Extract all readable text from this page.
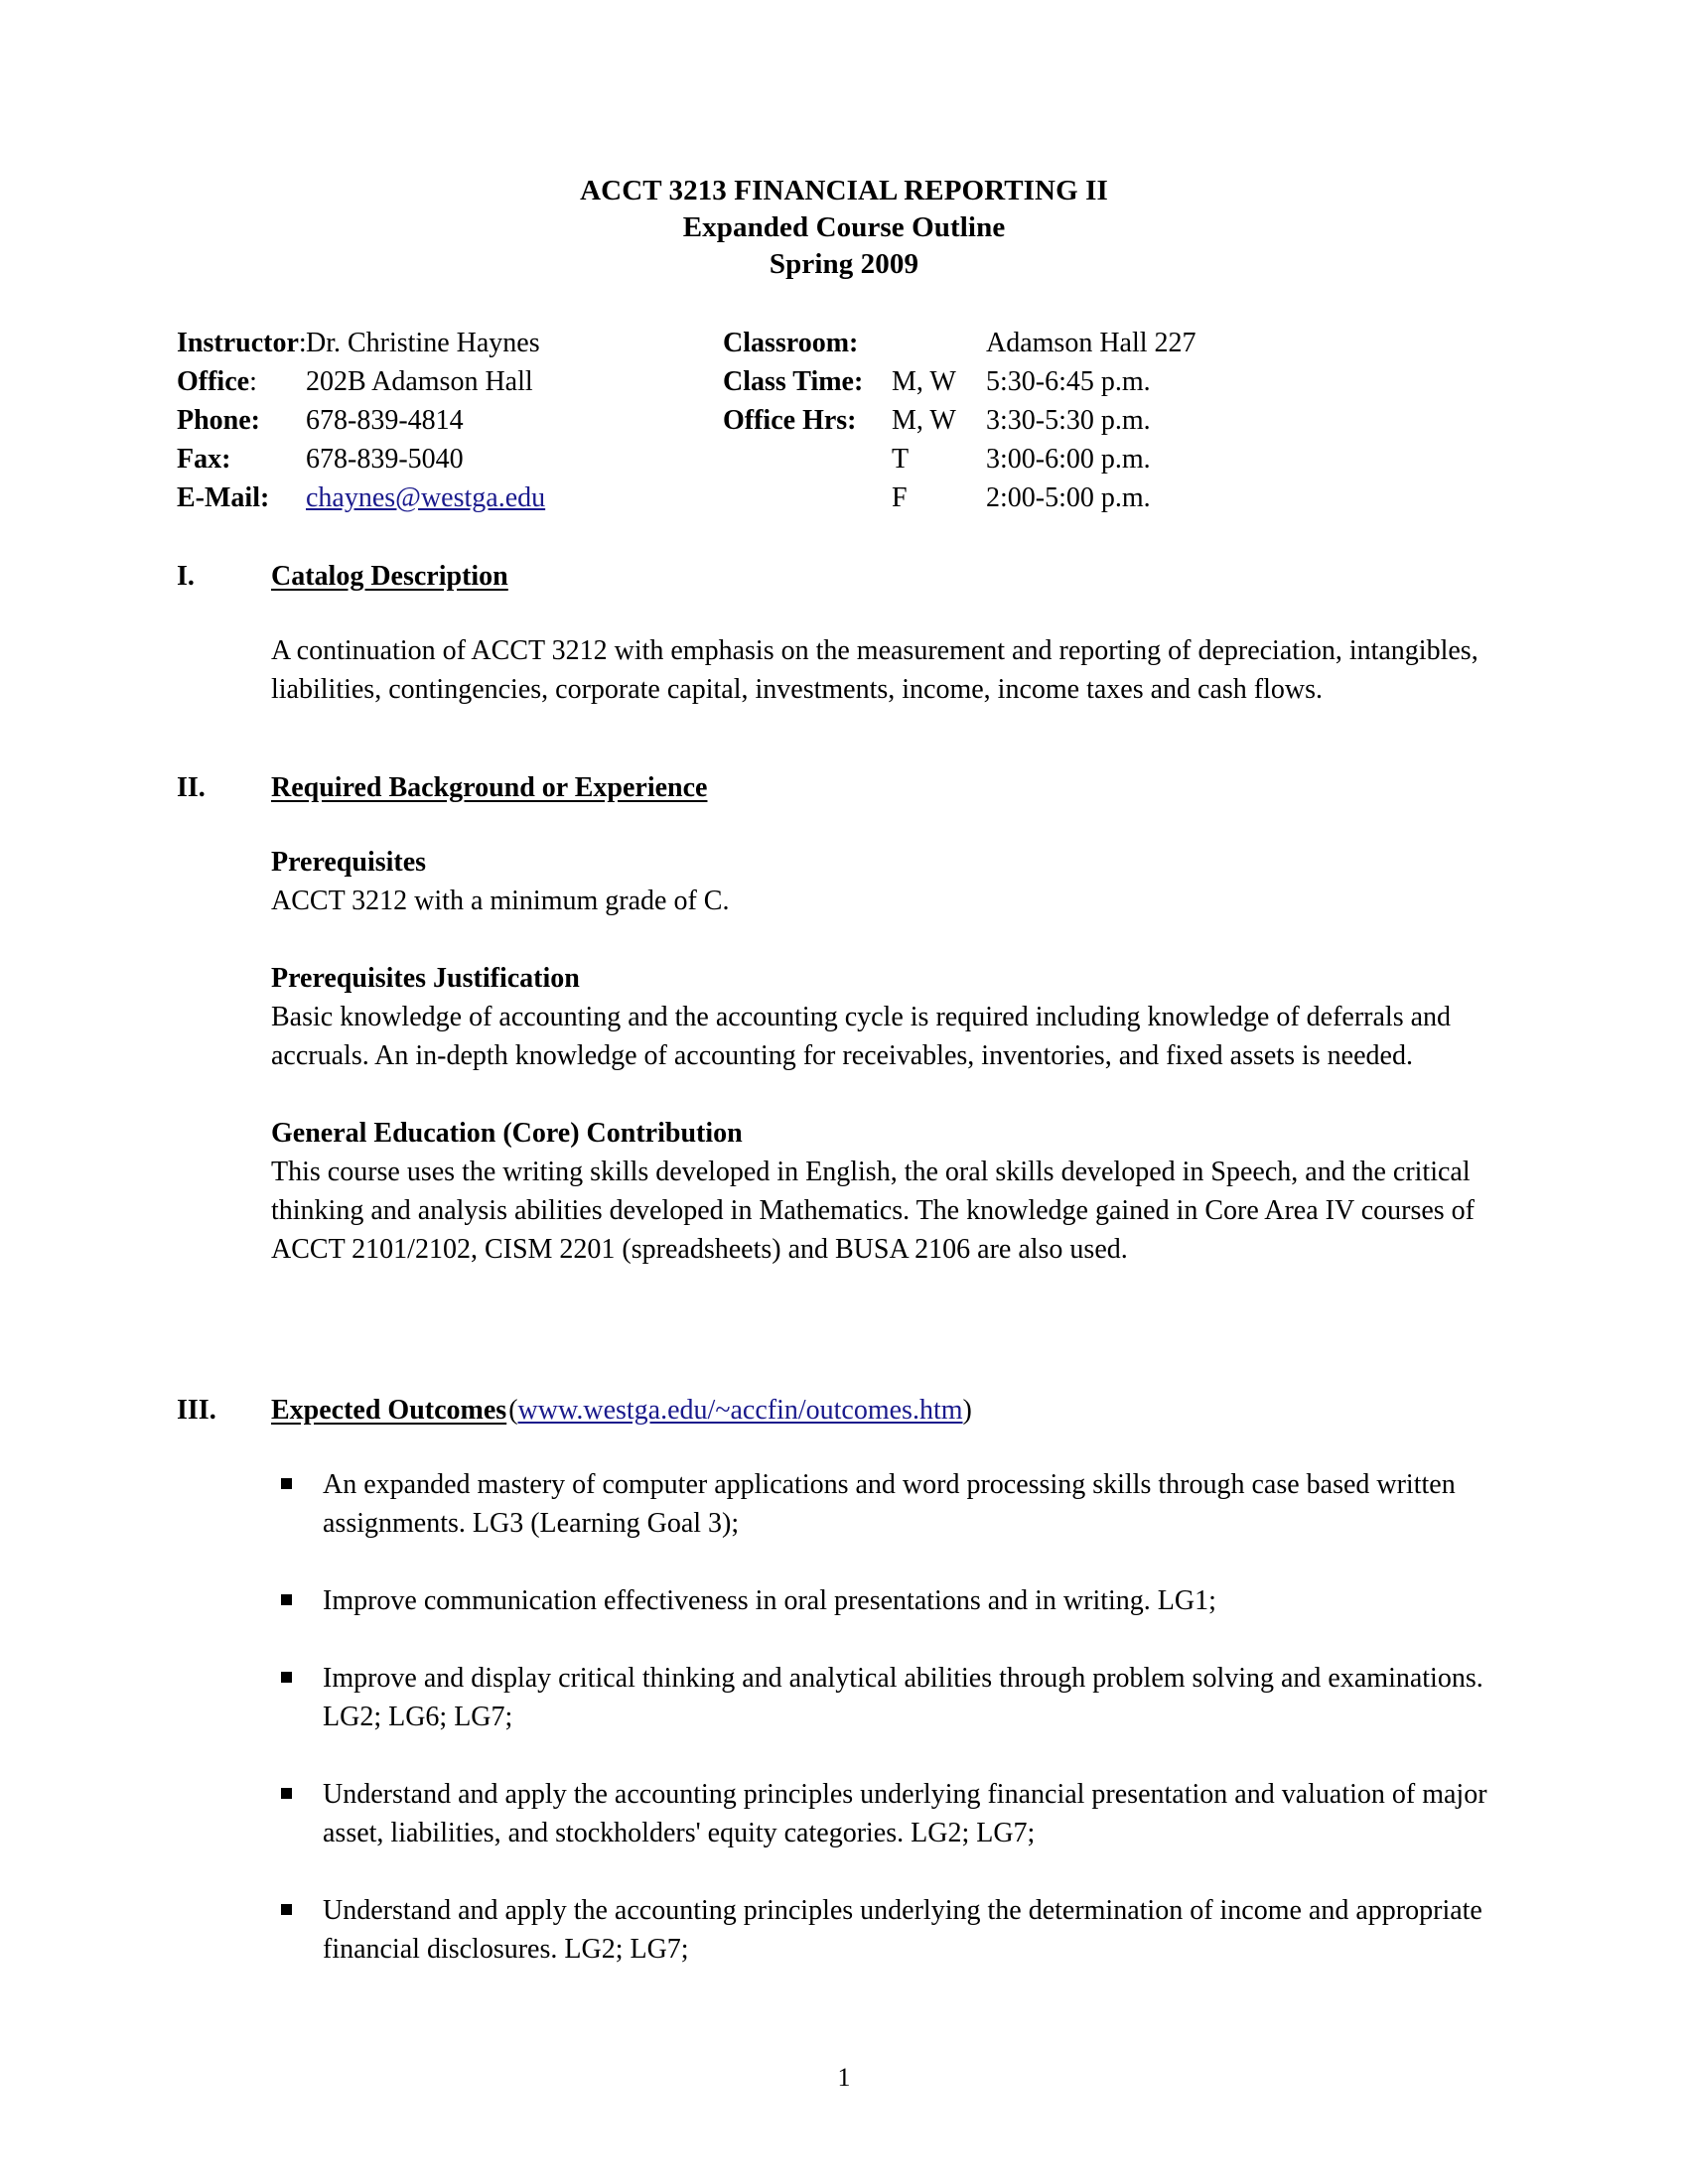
ACCT 3213 FINANCIAL REPORTING II
Expanded Course Outline
Spring 2009
Instructor: Dr. Christine Haynes	Classroom:	Adamson Hall 227
Office:	202B Adamson Hall	Class Time:	M, W	5:30-6:45 p.m.
Phone:	678-839-4814	Office Hrs:	M, W	3:30-5:30 p.m.
Fax:	678-839-5040	T	3:00-6:00 p.m.
E-Mail:	chaynes@westga.edu	F	2:00-5:00 p.m.
I.	Catalog Description
A continuation of ACCT 3212 with emphasis on the measurement and reporting of depreciation, intangibles, liabilities, contingencies, corporate capital, investments, income, income taxes and cash flows.
II.	Required Background or Experience
Prerequisites
ACCT 3212 with a minimum grade of C.
Prerequisites Justification
Basic knowledge of accounting and the accounting cycle is required including knowledge of deferrals and accruals. An in-depth knowledge of accounting for receivables, inventories, and fixed assets is needed.
General Education (Core) Contribution
This course uses the writing skills developed in English, the oral skills developed in Speech, and the critical thinking and analysis abilities developed in Mathematics. The knowledge gained in Core Area IV courses of ACCT 2101/2102, CISM 2201 (spreadsheets) and BUSA 2106 are also used.
III.	Expected Outcomes (www.westga.edu/~accfin/outcomes.htm)
An expanded mastery of computer applications and word processing skills through case based written assignments. LG3 (Learning Goal 3);
Improve communication effectiveness in oral presentations and in writing. LG1;
Improve and display critical thinking and analytical abilities through problem solving and examinations. LG2; LG6; LG7;
Understand and apply the accounting principles underlying financial presentation and valuation of major asset, liabilities, and stockholders' equity categories. LG2; LG7;
Understand and apply the accounting principles underlying the determination of income and appropriate financial disclosures. LG2; LG7;
1
